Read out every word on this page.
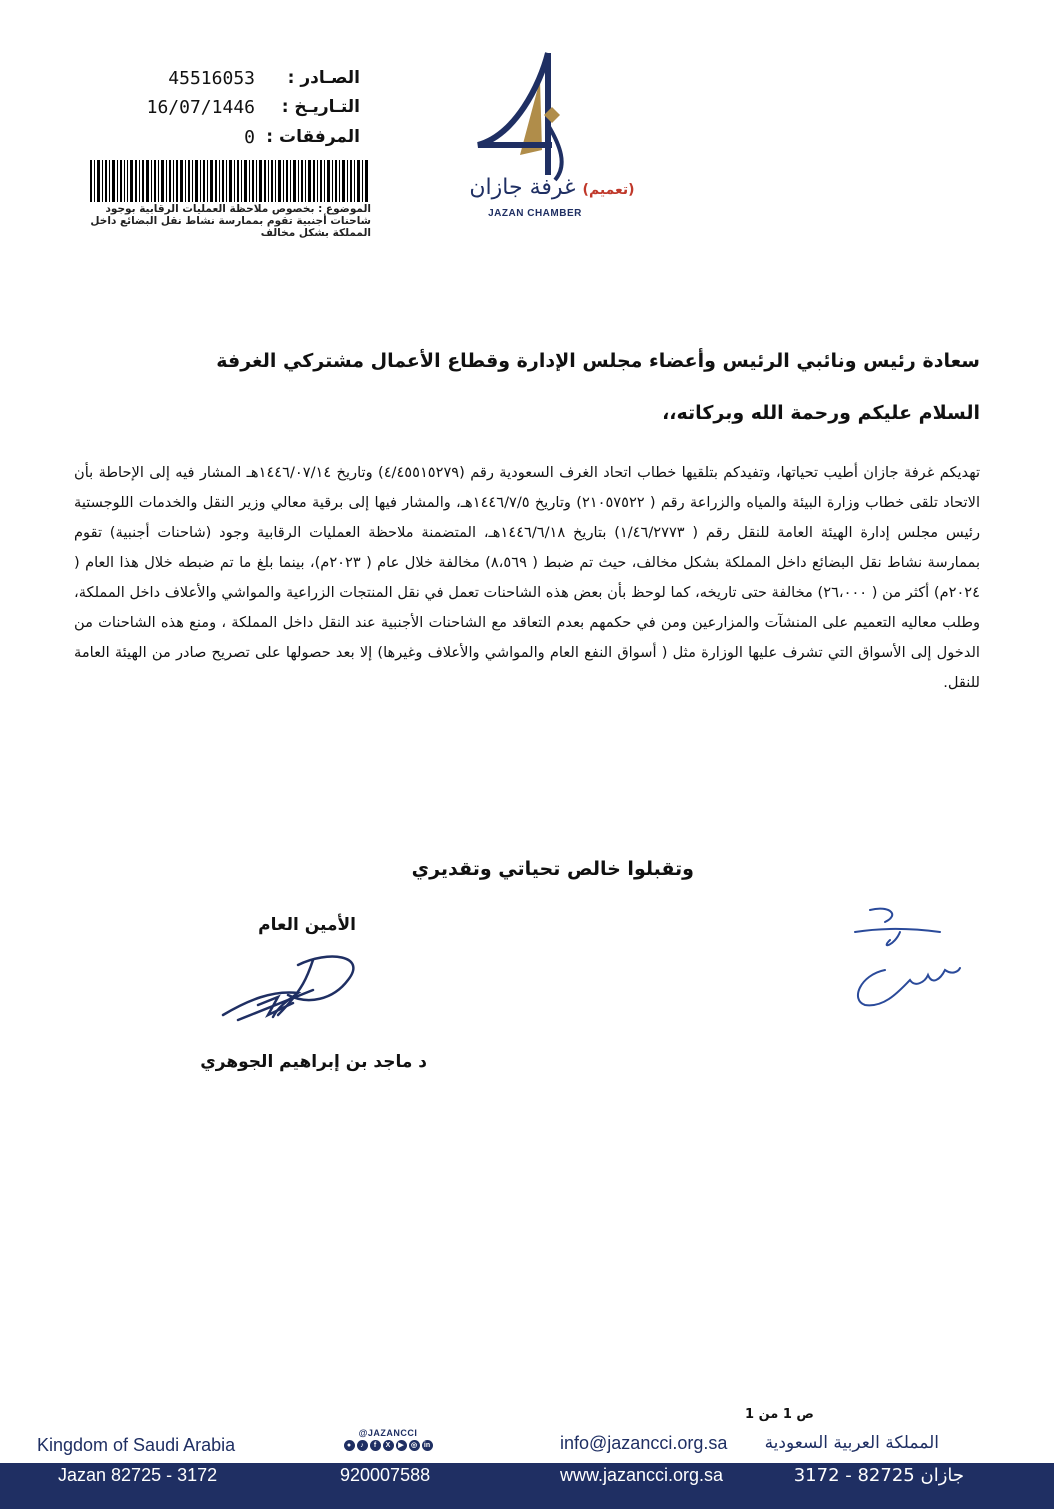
الصـادر :
45516053
التـاريـخ :
16/07/1446
المرفقات :
0
الموضوع : بخصوص ملاحظة العمليات الرقابية بوجود شاحنات أجنبية تقوم بممارسة نشاط نقل البضائع داخل المملكة بشكل مخالف
(تعميم) غرفة جازان
JAZAN CHAMBER
سعادة رئيس ونائبي الرئيس وأعضاء مجلس الإدارة وقطاع الأعمال مشتركي الغرفة
السلام عليكم ورحمة الله وبركاته،،
تهديكم غرفة جازان أطيب تحياتها، وتفيدكم بتلقيها خطاب اتحاد الغرف السعودية رقم (٤/٤٥٥١٥٢٧٩) وتاريخ ١٤٤٦/٠٧/١٤هـ المشار فيه إلى الإحاطة بأن الاتحاد تلقى خطاب وزارة البيئة والمياه والزراعة رقم ( ٢١٠٥٧٥٢٢) وتاريخ ١٤٤٦/٧/٥هـ، والمشار فيها إلى برقية معالي وزير النقل والخدمات اللوجستية رئيس مجلس إدارة الهيئة العامة للنقل رقم ( ١/٤٦/٢٧٧٣) بتاريخ ١٤٤٦/٦/١٨هـ، المتضمنة ملاحظة العمليات الرقابية وجود (شاحنات أجنبية) تقوم بممارسة نشاط نقل البضائع داخل المملكة بشكل مخالف، حيث تم ضبط ( ٨،٥٦٩) مخالفة خلال عام ( ٢٠٢٣م)، بينما بلغ ما تم ضبطه خلال هذا العام ( ٢٠٢٤م) أكثر من ( ٢٦،٠٠٠) مخالفة حتى تاريخه، كما لوحظ بأن بعض هذه الشاحنات تعمل في نقل المنتجات الزراعية والمواشي والأعلاف داخل المملكة، وطلب معاليه التعميم على المنشآت والمزارعين ومن في حكمهم بعدم التعاقد مع الشاحنات الأجنبية عند النقل داخل المملكة ، ومنع هذه الشاحنات من الدخول إلى الأسواق التي تشرف عليها الوزارة مثل ( أسواق النفع العام والمواشي والأعلاف وغيرها) إلا بعد حصولها على تصريح صادر من الهيئة العامة للنقل.
وتقبلوا خالص تحياتي وتقديري
الأمين العام
د ماجد بن إبراهيم الجوهري
ص 1 من 1
Kingdom of Saudi Arabia
@JAZANCCI
●	♪	f	X	▶	◎ in	info@jazancci.org.sa المملكة العربية السعودية
Jazan 82725 - 3172	920007588	www.jazancci.org.sa	جازان 82725 - 3172
